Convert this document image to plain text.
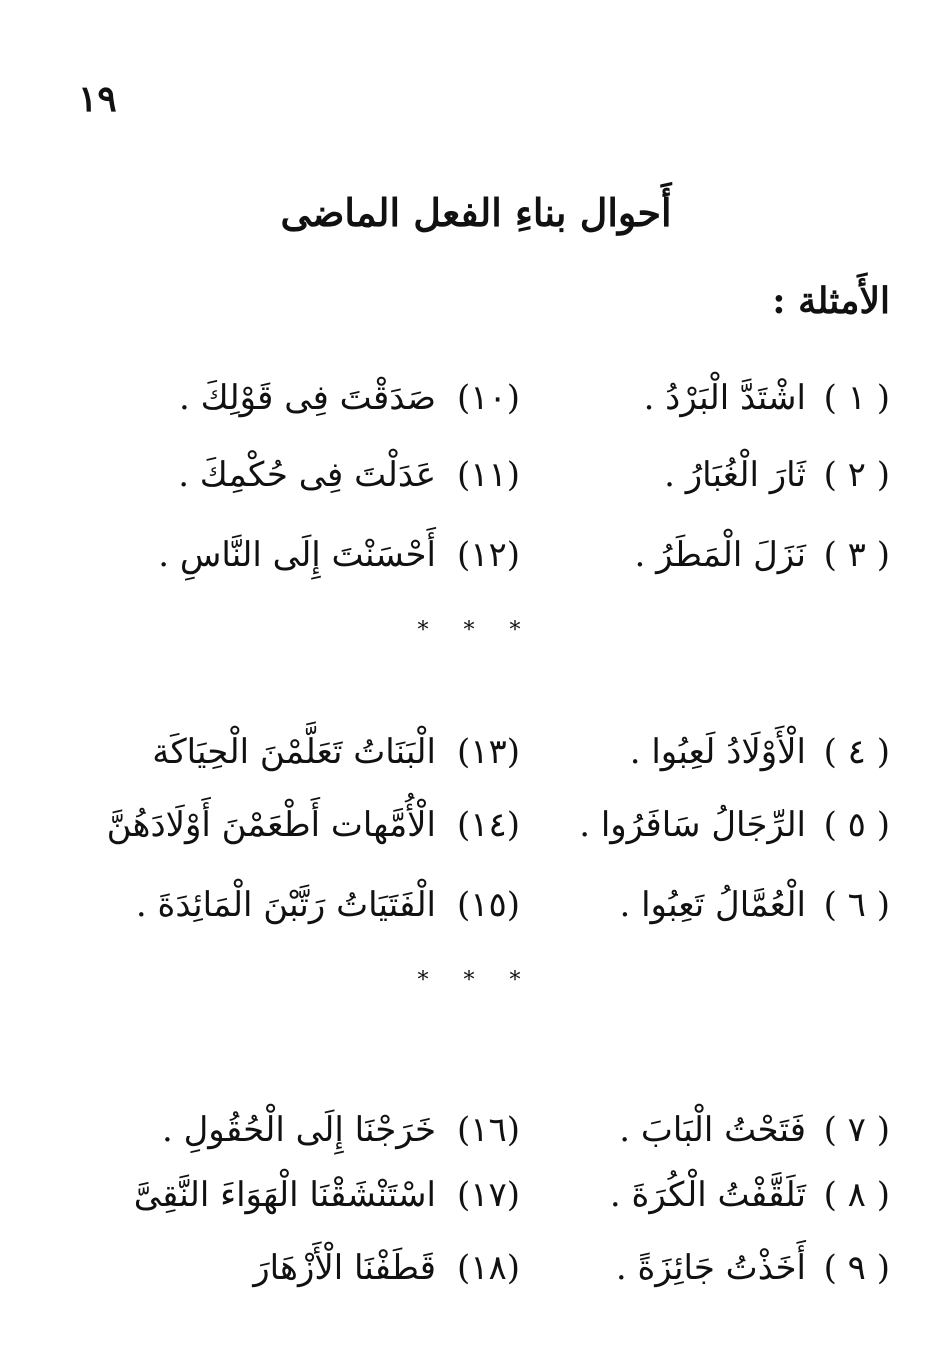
١٩
أَحوال بناءِ الفعل الماضى
الأَمثلة :
( ١ )اشْتَدَّ الْبَرْدُ .
(١٠)صَدَقْتَ فِى قَوْلِكَ .
( ٢ )ثَارَ الْغُبَارُ .
(١١)عَدَلْتَ فِى حُكْمِكَ .
( ٣ )نَزَلَ الْمَطَرُ .
(١٢)أَحْسَنْتَ إِلَى النَّاسِ .
* * *
( ٤ )الْأَوْلَادُ لَعِبُوا .
(١٣)الْبَنَاتُ تَعَلَّمْنَ الْحِيَاكَة
( ٥ )الرِّجَالُ سَافَرُوا .
(١٤)الْأُمَّهات أَطْعَمْنَ أَوْلَادَهُنَّ
( ٦ )الْعُمَّالُ تَعِبُوا .
(١٥)الْفَتَيَاتُ رَتَّبْنَ الْمَائِدَةَ .
* * *
( ٧ )فَتَحْتُ الْبَابَ .
(١٦)خَرَجْنَا إِلَى الْحُقُولِ .
( ٨ )تَلَقَّفْتُ الْكُرَةَ .
(١٧)اسْتَنْشَقْنَا الْهَوَاءَ النَّقِىَّ
( ٩ )أَخَذْتُ جَائِزَةً .
(١٨)قَطَفْنَا الْأَزْهَارَ
